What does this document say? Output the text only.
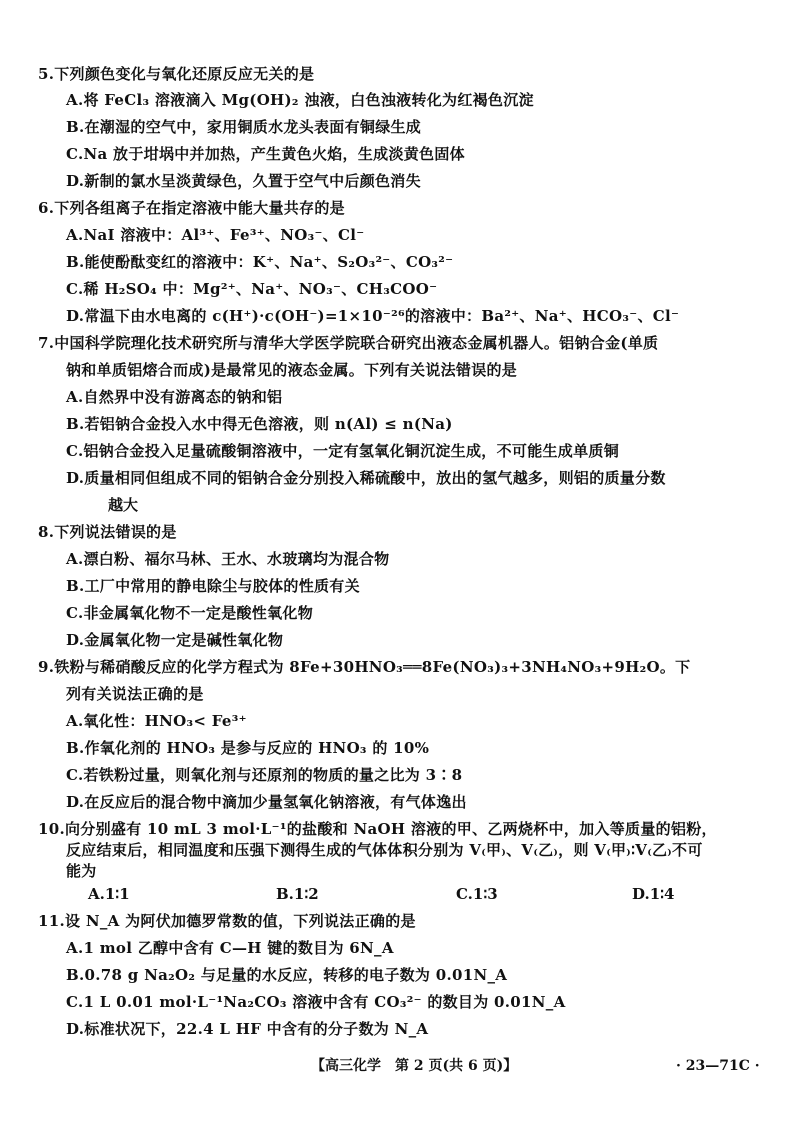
5.下列颜色变化与氧化还原反应无关的是
A.将 FeCl₃ 溶液滴入 Mg(OH)₂ 浊液，白色浊液转化为红褐色沉淀
B.在潮湿的空气中，家用铜质水龙头表面有铜绿生成
C.Na 放于坩埚中并加热，产生黄色火焰，生成淡黄色固体
D.新制的氯水呈淡黄绿色，久置于空气中后颜色消失
6.下列各组离子在指定溶液中能大量共存的是
A.NaI 溶液中：Al³⁺、Fe³⁺、NO₃⁻、Cl⁻
B.能使酚酞变红的溶液中：K⁺、Na⁺、S₂O₃²⁻、CO₃²⁻
C.稀 H₂SO₄ 中：Mg²⁺、Na⁺、NO₃⁻、CH₃COO⁻
D.常温下由水电离的 c(H⁺)·c(OH⁻)=1×10⁻²⁶的溶液中：Ba²⁺、Na⁺、HCO₃⁻、Cl⁻
7.中国科学院理化技术研究所与清华大学医学院联合研究出液态金属机器人。铝钠合金(单质
钠和单质铝熔合而成)是最常见的液态金属。下列有关说法错误的是
A.自然界中没有游离态的钠和铝
B.若铝钠合金投入水中得无色溶液，则 n(Al) ≤ n(Na)
C.铝钠合金投入足量硫酸铜溶液中，一定有氢氧化铜沉淀生成，不可能生成单质铜
D.质量相同但组成不同的铝钠合金分别投入稀硫酸中，放出的氢气越多，则铝的质量分数
越大
8.下列说法错误的是
A.漂白粉、福尔马林、王水、水玻璃均为混合物
B.工厂中常用的静电除尘与胶体的性质有关
C.非金属氧化物不一定是酸性氧化物
D.金属氧化物一定是碱性氧化物
9.铁粉与稀硝酸反应的化学方程式为 8Fe+30HNO₃══8Fe(NO₃)₃+3NH₄NO₃+9H₂O。下
列有关说法正确的是
A.氧化性：HNO₃< Fe³⁺
B.作氧化剂的 HNO₃ 是参与反应的 HNO₃ 的 10%
C.若铁粉过量，则氧化剂与还原剂的物质的量之比为 3∶8
D.在反应后的混合物中滴加少量氢氧化钠溶液，有气体逸出
10.向分别盛有 10 mL 3 mol·L⁻¹的盐酸和 NaOH 溶液的甲、乙两烧杯中，加入等质量的铝粉，
反应结束后，相同温度和压强下测得生成的气体体积分别为 V₍甲₎、V₍乙₎，则 V₍甲₎∶V₍乙₎不可
能为
A.1∶1	B.1∶2	C.1∶3	D.1∶4
11.设 N_A 为阿伏加德罗常数的值，下列说法正确的是
A.1 mol 乙醇中含有 C—H 键的数目为 6N_A
B.0.78 g Na₂O₂ 与足量的水反应，转移的电子数为 0.01N_A
C.1 L 0.01 mol·L⁻¹Na₂CO₃ 溶液中含有 CO₃²⁻ 的数目为 0.01N_A
D.标准状况下，22.4 L HF 中含有的分子数为 N_A
【高三化学　第 2 页(共 6 页)】	· 23—71C ·
